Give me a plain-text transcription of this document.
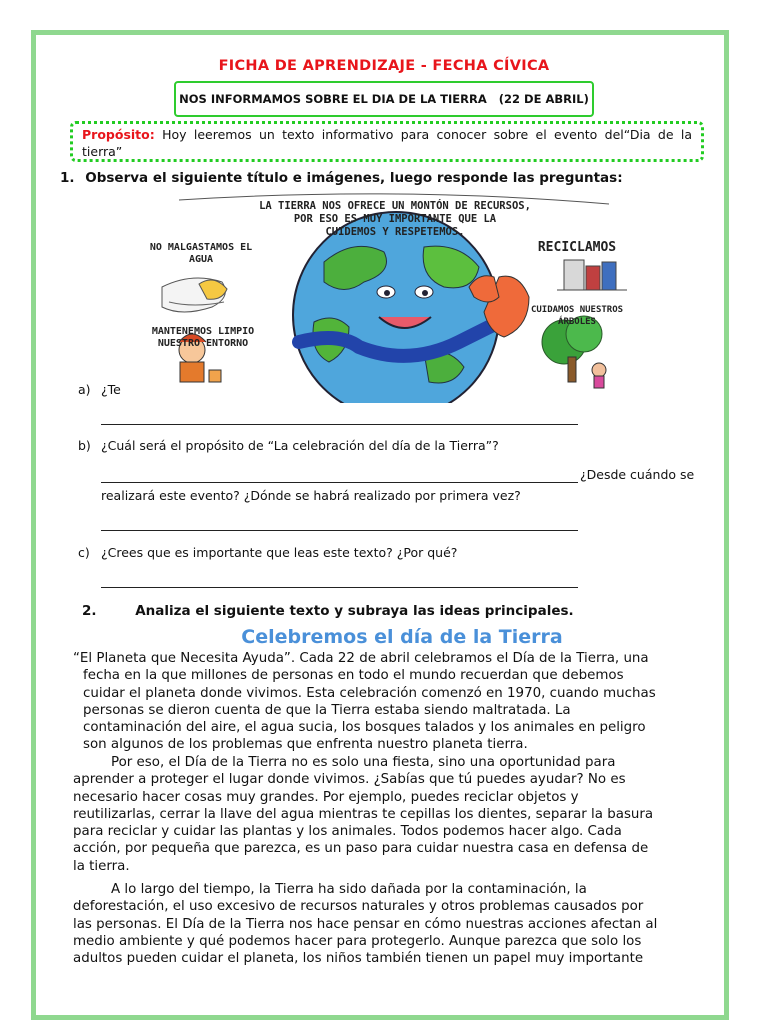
FICHA DE APRENDIZAJE - FECHA CÍVICA
NOS INFORMAMOS SOBRE EL DIA DE LA TIERRA   (22 DE ABRIL)
Propósito: Hoy leeremos un texto informativo para conocer sobre el evento del“Dia de la tierra”
1. Observa el siguiente título e imágenes, luego responde las preguntas:
LA TIERRA NOS OFRECE UN MONTÓN DE RECURSOS,
POR ESO ES MUY IMPORTANTE QUE LA
CUIDEMOS Y RESPETEMOS.
NO MALGASTAMOS EL AGUA
RECICLAMOS
MANTENEMOS LIMPIO NUESTRO ENTORNO
CUIDAMOS NUESTROS ÁRBOLES
a) ¿Te
b) ¿Cuál será el propósito de “La celebración del día de la Tierra”?
¿Desde cuándo se
realizará este evento? ¿Dónde se habrá realizado por primera vez?
c) ¿Crees que es importante que leas este texto? ¿Por qué?
2.	Analiza el siguiente texto y subraya las ideas principales.
Celebremos el día de la Tierra
“El Planeta que Necesita Ayuda”. Cada 22 de abril celebramos el Día de la Tierra, una
fecha en la que millones de personas en todo el mundo recuerdan que debemos
cuidar el planeta donde vivimos. Esta celebración comenzó en 1970, cuando muchas
personas se dieron cuenta de que la Tierra estaba siendo maltratada. La
contaminación del aire, el agua sucia, los bosques talados y los animales en peligro
son algunos de los problemas que enfrenta nuestro planeta tierra.
Por eso, el Día de la Tierra no es solo una fiesta, sino una oportunidad para
aprender a proteger el lugar donde vivimos. ¿Sabías que tú puedes ayudar? No es
necesario hacer cosas muy grandes. Por ejemplo, puedes reciclar objetos y
reutilizarlas, cerrar la llave del agua mientras te cepillas los dientes, separar la basura
para reciclar y cuidar las plantas y los animales. Todos podemos hacer algo. Cada
acción, por pequeña que parezca, es un paso para cuidar nuestra casa en defensa de
la tierra.
A lo largo del tiempo, la Tierra ha sido dañada por la contaminación, la
deforestación, el uso excesivo de recursos naturales y otros problemas causados por
las personas. El Día de la Tierra nos hace pensar en cómo nuestras acciones afectan al
medio ambiente y qué podemos hacer para protegerlo. Aunque parezca que solo los
adultos pueden cuidar el planeta, los niños también tienen un papel muy importante
